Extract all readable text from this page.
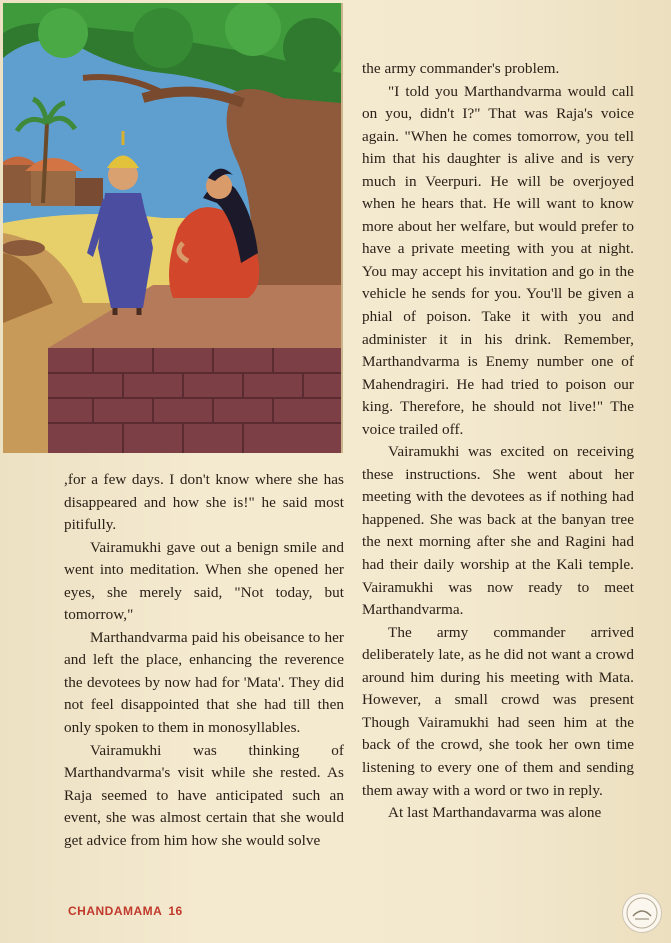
,for a few days. I don't know where she has disappeared and how she is!" he said most pitifully.

Vairamukhi gave out a benign smile and went into meditation. When she opened her eyes, she merely said, "Not today, but tomorrow,"

Marthandvarma paid his obeisance to her and left the place, enhancing the reverence the devotees by now had for 'Mata'. They did not feel disappointed that she had till then only spoken to them in monosyllables.

Vairamukhi was thinking of Marthandvarma's visit while she rested. As Raja seemed to have anticipated such an event, she was almost certain that she would get advice from him how she would solve

the army commander's problem.

"I told you Marthandvarma would call on you, didn't I?" That was Raja's voice again. "When he comes tomorrow, you tell him that his daughter is alive and is very much in Veerpuri. He will be overjoyed when he hears that. He will want to know more about her welfare, but would prefer to have a private meeting with you at night. You may accept his invitation and go in the vehicle he sends for you. You'll be given a phial of poison. Take it with you and administer it in his drink. Remember, Marthandvarma is Enemy number one of Mahendragiri. He had tried to poison our king. Therefore, he should not live!" The voice trailed off.

Vairamukhi was excited on receiving these instructions. She went about her meeting with the devotees as if nothing had happened. She was back at the banyan tree the next morning after she and Ragini had had their daily worship at the Kali temple. Vairamukhi was now ready to meet Marthandvarma.

The army commander arrived deliberately late, as he did not want a crowd around him during his meeting with Mata. However, a small crowd was present Though Vairamukhi had seen him at the back of the crowd, she took her own time listening to every one of them and sending them away with a word or two in reply.

At last Marthandavarma was alone

CHANDAMAMA 16
